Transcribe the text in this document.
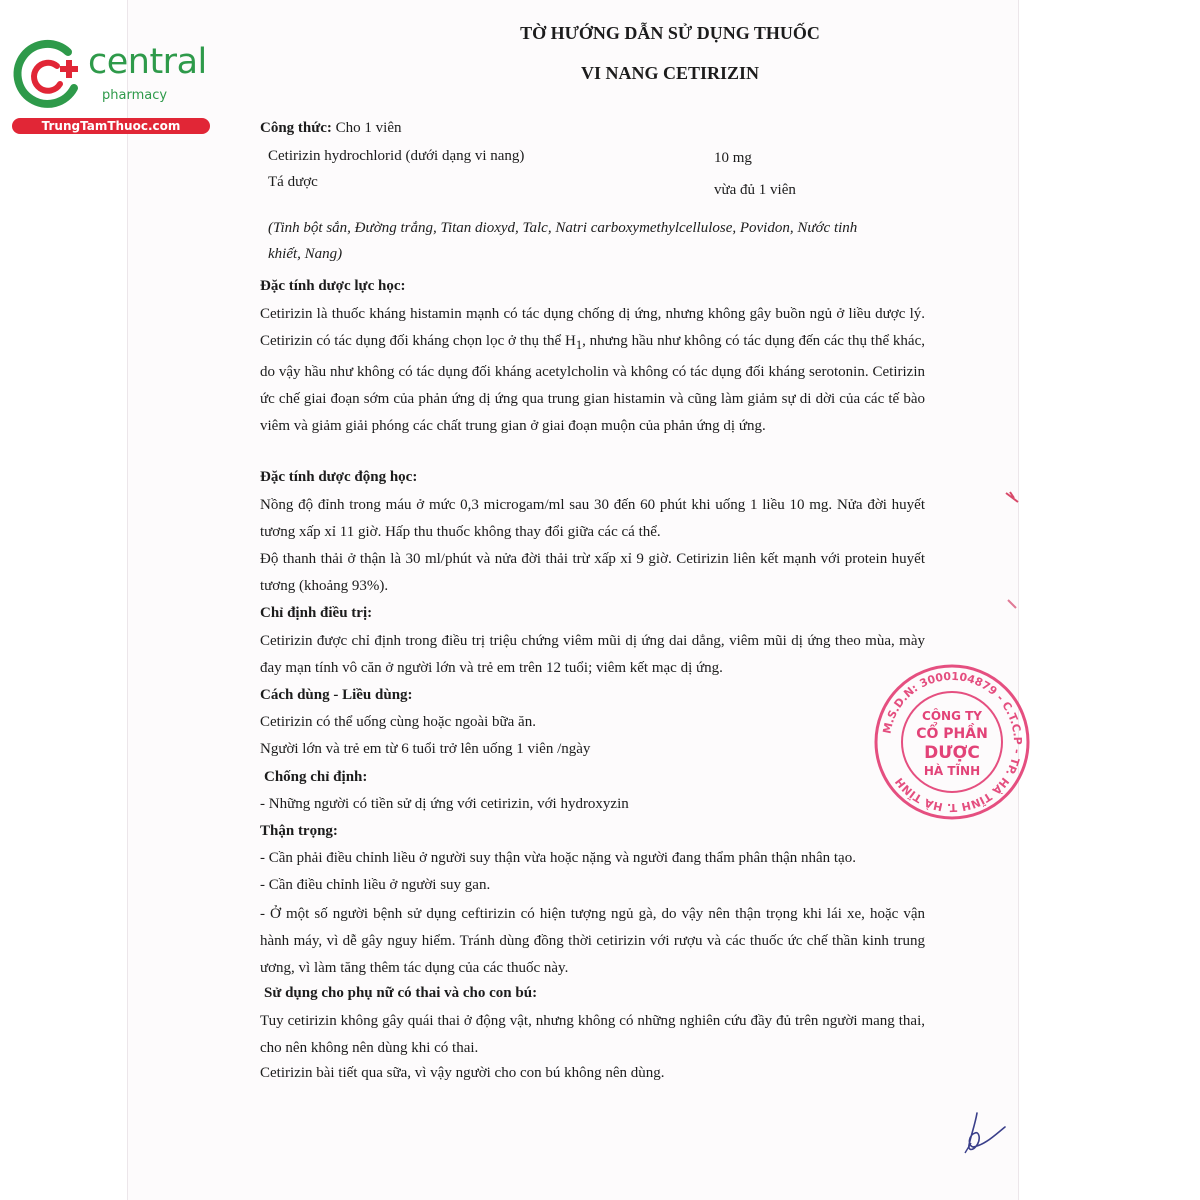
central
pharmacy
TrungTamThuoc.com
TỜ HƯỚNG DẪN SỬ DỤNG THUỐC
VI NANG CETIRIZIN
Công thức: Cho 1 viên
Cetirizin hydrochlorid (dưới dạng vi nang)	10 mg
Tá dược	vừa đủ 1 viên
(Tinh bột sắn, Đường trắng, Titan dioxyd, Talc, Natri carboxymethylcellulose, Povidon, Nước tinh khiết, Nang)
Đặc tính dược lực học:
Cetirizin là thuốc kháng histamin mạnh có tác dụng chống dị ứng, nhưng không gây buồn ngủ ở liều dược lý. Cetirizin có tác dụng đối kháng chọn lọc ở thụ thể $H_1$, nhưng hầu như không có tác dụng đến các thụ thể khác, do vậy hầu như không có tác dụng đối kháng acetylcholin và không có tác dụng đối kháng serotonin. Cetirizin ức chế giai đoạn sớm của phản ứng dị ứng qua trung gian histamin và cũng làm giảm sự di dời của các tế bào viêm và giảm giải phóng các chất trung gian ở giai đoạn muộn của phản ứng dị ứng.
Đặc tính dược động học:
Nồng độ đỉnh trong máu ở mức 0,3 microgam/ml sau 30 đến 60 phút khi uống 1 liều 10 mg. Nửa đời huyết tương xấp xỉ 11 giờ. Hấp thu thuốc không thay đổi giữa các cá thể.
Độ thanh thải ở thận là 30 ml/phút và nửa đời thải trừ xấp xỉ 9 giờ. Cetirizin liên kết mạnh với protein huyết tương (khoảng 93%).
Chỉ định điều trị:
Cetirizin được chỉ định trong điều trị triệu chứng viêm mũi dị ứng dai dẳng, viêm mũi dị ứng theo mùa, mày đay mạn tính vô căn ở người lớn và trẻ em trên 12 tuổi; viêm kết mạc dị ứng.
Cách dùng - Liều dùng:
Cetirizin có thể uống cùng hoặc ngoài bữa ăn.
Người lớn và trẻ em từ 6 tuổi trở lên uống 1 viên /ngày
Chống chỉ định:
- Những người có tiền sử dị ứng với cetirizin, với hydroxyzin
Thận trọng:
- Cần phải điều chỉnh liều ở người suy thận vừa hoặc nặng và người đang thẩm phân thận nhân tạo.
- Cần điều chỉnh liều ở người suy gan.
- Ở một số người bệnh sử dụng ceftirizin có hiện tượng ngủ gà, do vậy nên thận trọng khi lái xe, hoặc vận hành máy, vì dễ gây nguy hiểm. Tránh dùng đồng thời cetirizin với rượu và các thuốc ức chế thần kinh trung ương, vì làm tăng thêm tác dụng của các thuốc này.
Sử dụng cho phụ nữ có thai và cho con bú:
Tuy cetirizin không gây quái thai ở động vật, nhưng không có những nghiên cứu đầy đủ trên người mang thai, cho nên không nên dùng khi có thai.
Cetirizin bài tiết qua sữa, vì vậy người cho con bú không nên dùng.
M.S.D.N: 3000104879 - C.T.C.P - TP. HÀ TĨNH T. HÀ TĨNH
CÔNG TY
CỔ PHẦN
DƯỢC
HÀ TĨNH
